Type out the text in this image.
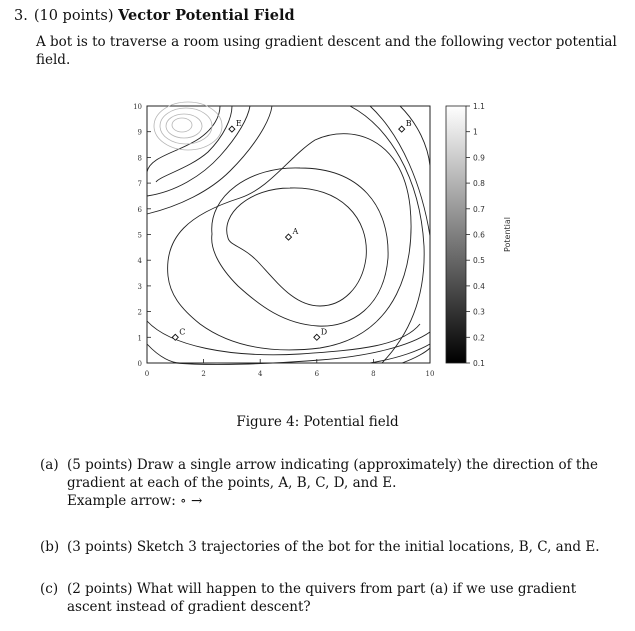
3. (10 points) Vector Potential Field
A bot is to traverse a room using gradient descent and the following vector potential field.
0	2	4	6	8	10
0
1
2
3
4
5
6
7
8
9
10
A
B
C	D
E
1.1
1
0.9
0.8
0.7
0.6
0.5
0.4
0.3
0.2
0.1
Potential
Figure 4: Potential field
(a) (5 points) Draw a single arrow indicating (approximately) the direction of the gradient at each of the points, A, B, C, D, and E.
Example arrow: ∘ →
(b) (3 points) Sketch 3 trajectories of the bot for the initial locations, B, C, and E.
(c) (2 points) What will happen to the quivers from part (a) if we use gradient ascent instead of gradient descent?
